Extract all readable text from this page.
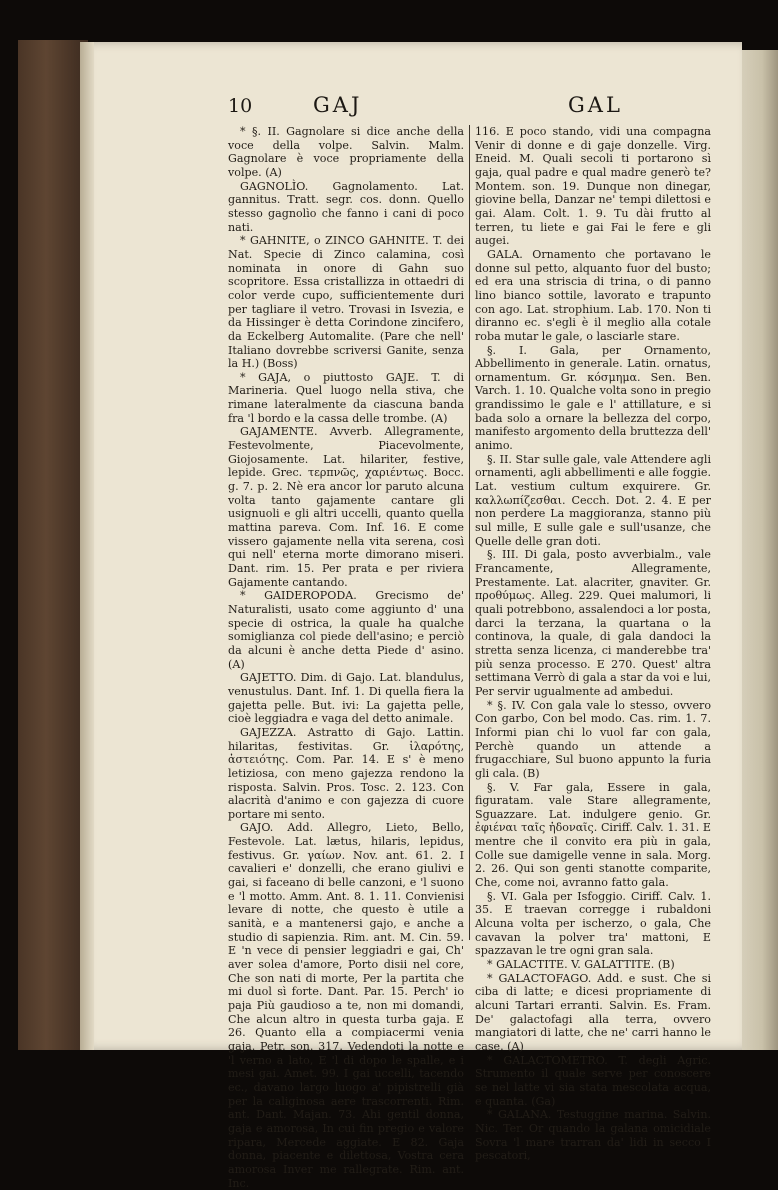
10	GAJ	GAL

* §. II. Gagnolare si dice anche della voce della volpe. Salvin. Malm. Gagnolare è voce propriamente della volpe. (A)

GAGNOLÌO. Gagnolamento. Lat. gannitus. Tratt. segr. cos. donn. Quello stesso gagnolìo che fanno i cani di poco nati.

* GAHNITE, o ZINCO GAHNITE. T. dei Nat. Specie di Zinco calamina, così nominata in onore di Gahn suo scopritore. Essa cristallizza in ottaedri di color verde cupo, sufficientemente duri per tagliare il vetro. Trovasi in Isvezia, e da Hissinger è detta Corindone zincifero, da Eckelberg Automalite. (Pare che nell' Italiano dovrebbe scriversi Ganite, senza la H.) (Boss)

* GAJA, o piuttosto GAJE. T. di Marineria. Quel luogo nella stiva, che rimane lateralmente da ciascuna banda fra 'l bordo e la cassa delle trombe. (A)

GAJAMENTE. Avverb. Allegramente, Festevolmente, Piacevolmente, Giojosamente. Lat. hilariter, festive, lepide. Grec. τερπνῶς, χαριέντως. Bocc. g. 7. p. 2. Nè era ancor lor paruto alcuna volta tanto gajamente cantare gli usignuoli e gli altri uccelli, quanto quella mattina pareva. Com. Inf. 16. E come vissero gajamente nella vita serena, così qui nell' eterna morte dimorano miseri. Dant. rim. 15. Per prata e per riviera Gajamente cantando.

* GAIDEROPODA. Grecismo de' Naturalisti, usato come aggiunto d' una specie di ostrica, la quale ha qualche somiglianza col piede dell'asino; e perciò da alcuni è anche detta Piede d' asino. (A)

GAJETTO. Dim. di Gajo. Lat. blandulus, venustulus. Dant. Inf. 1. Di quella fiera la gajetta pelle. But. ivi: La gajetta pelle, cioè leggiadra e vaga del detto animale.

GAJEZZA. Astratto di Gajo. Lattin. hilaritas, festivitas. Gr. ἱλαρότης, ἀστειότης. Com. Par. 14. E s' è meno letiziosa, con meno gajezza rendono la risposta. Salvin. Pros. Tosc. 2. 123. Con alacrità d'animo e con gajezza di cuore portare mi sento.

GAJO. Add. Allegro, Lieto, Bello, Festevole. Lat. lætus, hilaris, lepidus, festivus. Gr. γαίων. Nov. ant. 61. 2. I cavalieri e' donzelli, che erano giulivi e gai, si faceano di belle canzoni, e 'l suono e 'l motto. Amm. Ant. 8. 1. 11. Convienisi levare di notte, che questo è utile a sanità, e a mantenersi gajo, e anche a studio di sapienzia. Rim. ant. M. Cin. 59. E 'n vece di pensier leggiadri e gai, Ch' aver solea d'amore, Porto disii nel core, Che son nati di morte, Per la partita che mi duol sì forte. Dant. Par. 15. Perch' io paja Più gaudioso a te, non mi domandi, Che alcun altro in questa turba gaja. E 26. Quanto ella a compiacermi venia gaja. Petr. son. 317. Vedendoti la notte e 'l verno a lato, E 'l di dopo le spalle, e i mesi gai. Amet. 99. I gai uccelli, tacendo ec., davano largo luogo a' pipistrelli già per la caliginosa aere trascorrenti. Rim. ant. Dant. Majan. 73. Ahi gentil donna, gaja e amorosa, In cui fin pregio e valore ripara, Mercede aggiate. E 82. Gaja donna, piacente e dilettosa, Vostra cera amorosa Inver me rallegrate. Rim. ant. Inc.

116. E poco stando, vidi una compagna Venir di donne e di gaje donzelle. Virg. Eneid. M. Quali secoli ti portarono sì gaja, qual padre e qual madre generò te? Montem. son. 19. Dunque non dinegar, giovine bella, Danzar ne' tempi dilettosi e gai. Alam. Colt. 1. 9. Tu dài frutto al terren, tu liete e gai Fai le fere e gli augei.

GALA. Ornamento che portavano le donne sul petto, alquanto fuor del busto; ed era una striscia di trina, o di panno lino bianco sottile, lavorato e trapunto con ago. Lat. strophium. Lab. 170. Non ti diranno ec. s'egli è il meglio alla cotale roba mutar le gale, o lasciarle stare.

§. I. Gala, per Ornamento, Abbellimento in generale. Latin. ornatus, ornamentum. Gr. κόσμημα. Sen. Ben. Varch. 1. 10. Qualche volta sono in pregio grandissimo le gale e l' attillature, e si bada solo a ornare la bellezza del corpo, manifesto argomento della bruttezza dell' animo.

§. II. Star sulle gale, vale Attendere agli ornamenti, agli abbellimenti e alle foggie. Lat. vestium cultum exquirere. Gr. καλλωπίζεσθαι. Cecch. Dot. 2. 4. E per non perdere La maggioranza, stanno più sul mille, E sulle gale e sull'usanze, che Quelle delle gran doti.

§. III. Di gala, posto avverbialm., vale Francamente, Allegramente, Prestamente. Lat. alacriter, gnaviter. Gr. προθύμως. Alleg. 229. Quei malumori, li quali potrebbono, assalendoci a lor posta, darci la terzana, la quartana o la continova, la quale, di gala dandoci la stretta senza licenza, ci manderebbe tra' più senza processo. E 270. Quest' altra settimana Verrò di gala a star da voi e lui, Per servir ugualmente ad ambedui.

* §. IV. Con gala vale lo stesso, ovvero Con garbo, Con bel modo. Cas. rim. 1. 7. Informi pian chi lo vuol far con gala, Perchè quando un attende a frugacchiare, Sul buono appunto la furia gli cala. (B)

§. V. Far gala, Essere in gala, figuratam. vale Stare allegramente, Sguazzare. Lat. indulgere genio. Gr. ἐφιέναι ταῖς ἡδοναῖς. Ciriff. Calv. 1. 31. E mentre che il convito era più in gala, Colle sue damigelle venne in sala. Morg. 2. 26. Qui son genti stanotte comparite, Che, come noi, avranno fatto gala.

§. VI. Gala per Isfoggio. Ciriff. Calv. 1. 35. E traevan corregge i rubaldoni Alcuna volta per ischerzo, o gala, Che cavavan la polver tra' mattoni, E spazzavan le tre ogni gran sala.

* GALACTITE. V. GALATTITE. (B)

* GALACTOFAGO. Add. e sust. Che si ciba di latte; e dicesi propriamente di alcuni Tartari erranti. Salvin. Es. Fram. De' galactofagi alla terra, ovvero mangiatori di latte, che ne' carri hanno le case. (A)

* GALACTOMETRO. T. degli Agric. Strumento il quale serve per conoscere se nel latte vi sia stata mescolata acqua, e quanta. (Ga)

* GALANA. Testuggine marina. Salvin. Nic. Ter. Or quando la galana omicidiale Sovra 'l mare trarran da' lidi in secco I pescatori,
